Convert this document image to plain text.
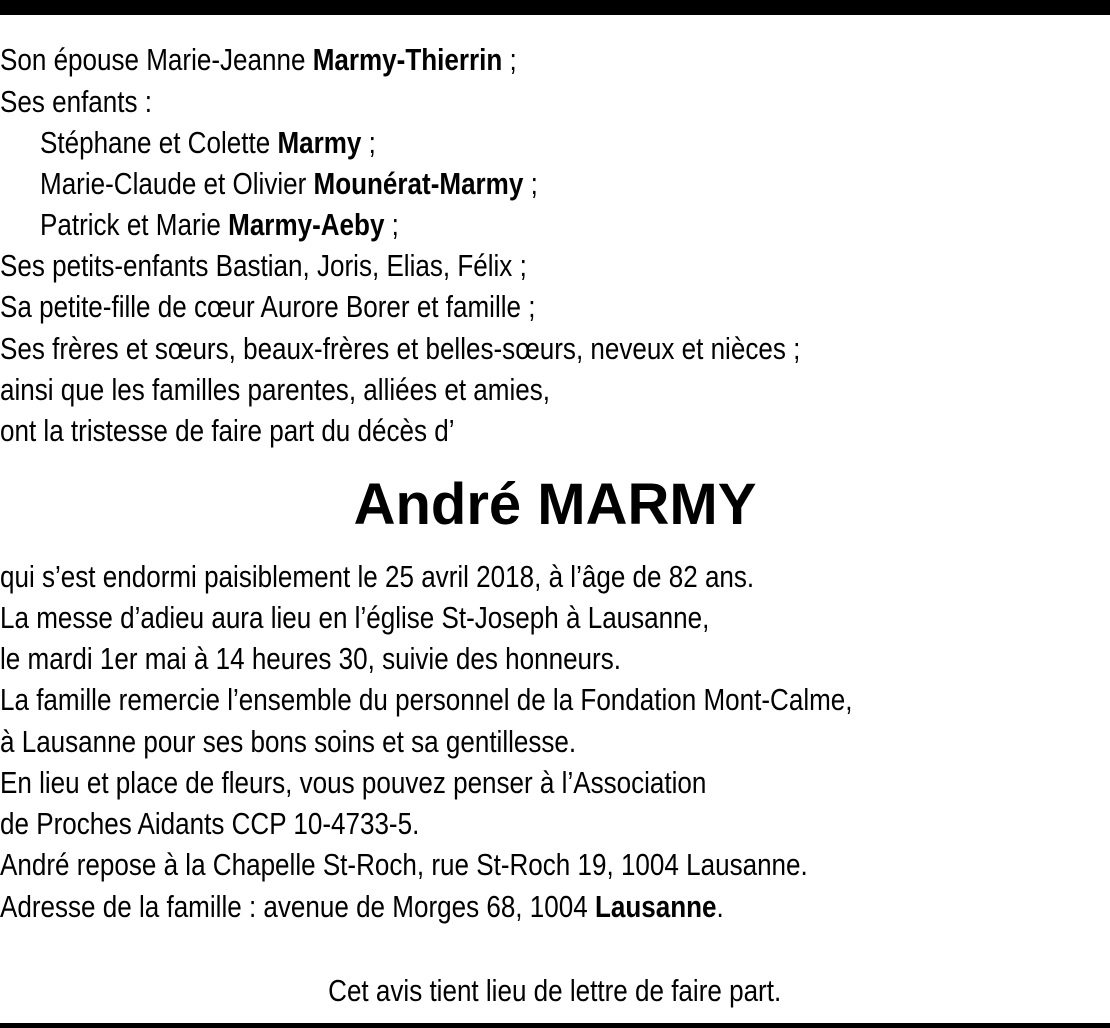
Son épouse Marie-Jeanne Marmy-Thierrin ;
Ses enfants :
Stéphane et Colette Marmy ;
Marie-Claude et Olivier Mounérat-Marmy ;
Patrick et Marie Marmy-Aeby ;
Ses petits-enfants Bastian, Joris, Elias, Félix ;
Sa petite-fille de cœur Aurore Borer et famille ;
Ses frères et sœurs, beaux-frères et belles-sœurs, neveux et nièces ;
ainsi que les familles parentes, alliées et amies,
ont la tristesse de faire part du décès d’
André MARMY
qui s’est endormi paisiblement le 25 avril 2018, à l’âge de 82 ans.
La messe d’adieu aura lieu en l’église St-Joseph à Lausanne,
le mardi 1er mai à 14 heures 30, suivie des honneurs.
La famille remercie l’ensemble du personnel de la Fondation Mont-Calme,
à Lausanne pour ses bons soins et sa gentillesse.
En lieu et place de fleurs, vous pouvez penser à l’Association
de Proches Aidants CCP 10-4733-5.
André repose à la Chapelle St-Roch, rue St-Roch 19, 1004 Lausanne.
Adresse de la famille : avenue de Morges 68, 1004 Lausanne.
Cet avis tient lieu de lettre de faire part.
